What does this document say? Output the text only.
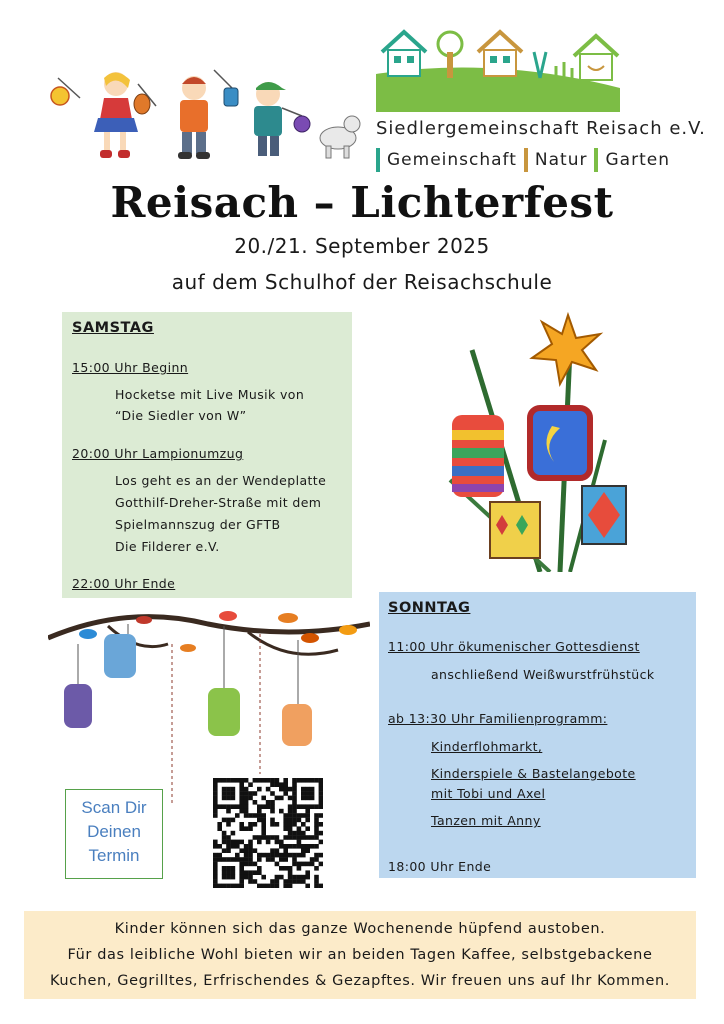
Siedlergemeinschaft Reisach e.V.
Gemeinschaft Natur Garten
Reisach – Lichterfest
20./21. September 2025
auf dem Schulhof der Reisachschule
SAMSTAG
15:00 Uhr Beginn
Hocketse mit Live Musik von
“Die Siedler von W”
20:00 Uhr Lampionumzug
Los geht es an der Wendeplatte
Gotthilf-Dreher-Straße mit dem
Spielmannszug der GFTB
Die Filderer e.V.
22:00 Uhr Ende
SONNTAG
11:00 Uhr ökumenischer Gottesdienst
anschließend Weißwurstfrühstück
ab 13:30 Uhr Familienprogramm:
Kinderflohmarkt,
Kinderspiele & Bastelangebote
mit Tobi und Axel
Tanzen mit Anny
18:00 Uhr Ende
Scan Dir
Deinen
Termin
Kinder können sich das ganze Wochenende hüpfend austoben.
Für das leibliche Wohl bieten wir an beiden Tagen Kaffee, selbstgebackene
Kuchen, Gegrilltes, Erfrischendes & Gezapftes. Wir freuen uns auf Ihr Kommen.
